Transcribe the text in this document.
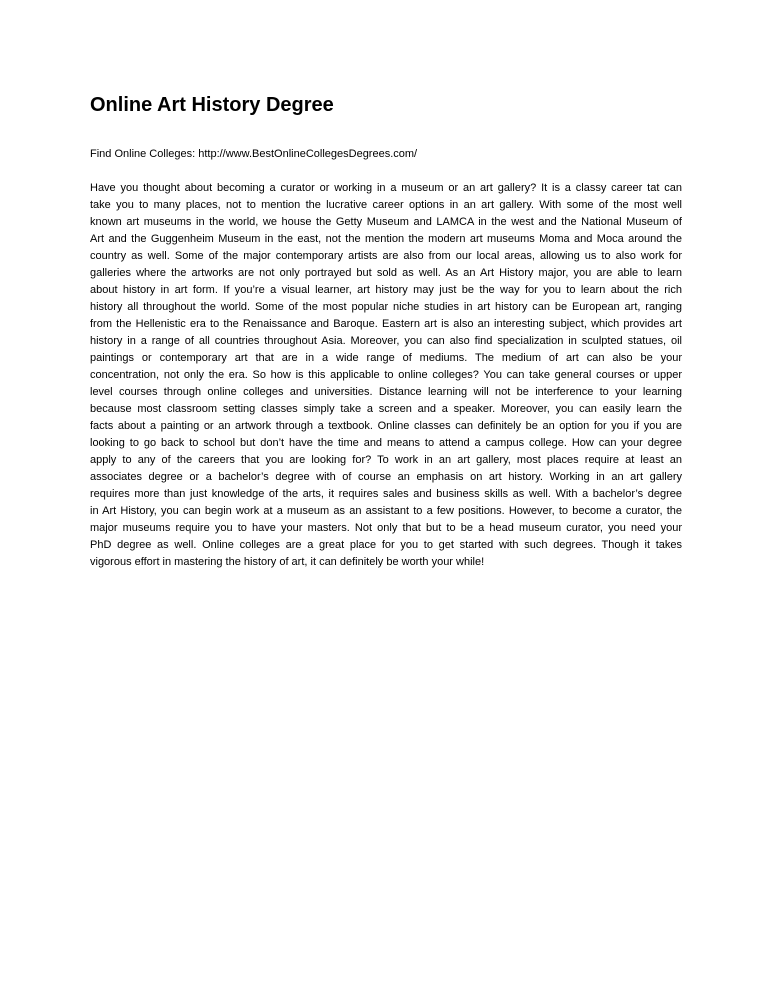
Online Art History Degree

Find Online Colleges: http://www.BestOnlineCollegesDegrees.com/

Have you thought about becoming a curator or working in a museum or an art gallery? It is a classy career tat can
take you to many places, not to mention the lucrative career options in an art gallery. With some of the most well
known art museums in the world, we house the Getty Museum and LAMCA in the west and the National Museum of
Art and the Guggenheim Museum in the east, not the mention the modern art museums Moma and Moca around the
country as well. Some of the major contemporary artists are also from our local areas, allowing us to also work for
galleries where the artworks are not only portrayed but sold as well. As an Art History major, you are able to learn
about history in art form. If you’re a visual learner, art history may just be the way for you to learn about the rich
history all throughout the world. Some of the most popular niche studies in art history can be European art, ranging
from the Hellenistic era to the Renaissance and Baroque. Eastern art is also an interesting subject, which provides art
history in a range of all countries throughout Asia. Moreover, you can also find specialization in sculpted statues, oil
paintings or contemporary art that are in a wide range of mediums. The medium of art can also be your
concentration, not only the era. So how is this applicable to online colleges? You can take general courses or upper
level courses through online colleges and universities. Distance learning will not be interference to your learning
because most classroom setting classes simply take a screen and a speaker. Moreover, you can easily learn the
facts about a painting or an artwork through a textbook. Online classes can definitely be an option for you if you are
looking to go back to school but don’t have the time and means to attend a campus college. How can your degree
apply to any of the careers that you are looking for? To work in an art gallery, most places require at least an
associates degree or a bachelor’s degree with of course an emphasis on art history. Working in an art gallery
requires more than just knowledge of the arts, it requires sales and business skills as well. With a bachelor’s degree
in Art History, you can begin work at a museum as an assistant to a few positions. However, to become a curator, the
major museums require you to have your masters. Not only that but to be a head museum curator, you need your
PhD degree as well. Online colleges are a great place for you to get started with such degrees. Though it takes
vigorous effort in mastering the history of art, it can definitely be worth your while!
